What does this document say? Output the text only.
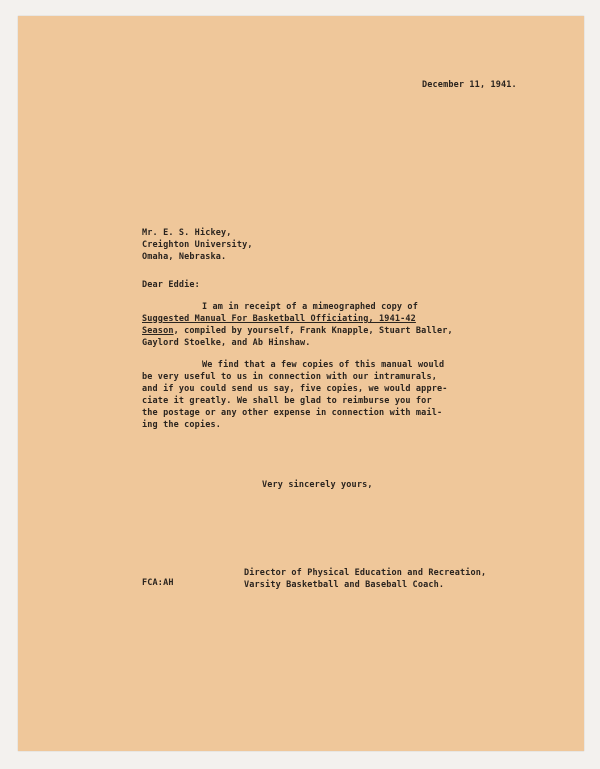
December 11, 1941.
Mr. E. S. Hickey,
Creighton University,
Omaha, Nebraska.
Dear Eddie:
I am in receipt of a mimeographed copy of
Suggested Manual For Basketball Officiating, 1941-42
Season, compiled by yourself, Frank Knapple, Stuart Baller,
Gaylord Stoelke, and Ab Hinshaw.
We find that a few copies of this manual would
be very useful to us in connection with our intramurals,
and if you could send us say, five copies, we would appre-
ciate it greatly. We shall be glad to reimburse you for
the postage or any other expense in connection with mail-
ing the copies.
Very sincerely yours,
Director of Physical Education and Recreation,
FCA:AH	Varsity Basketball and Baseball Coach.
